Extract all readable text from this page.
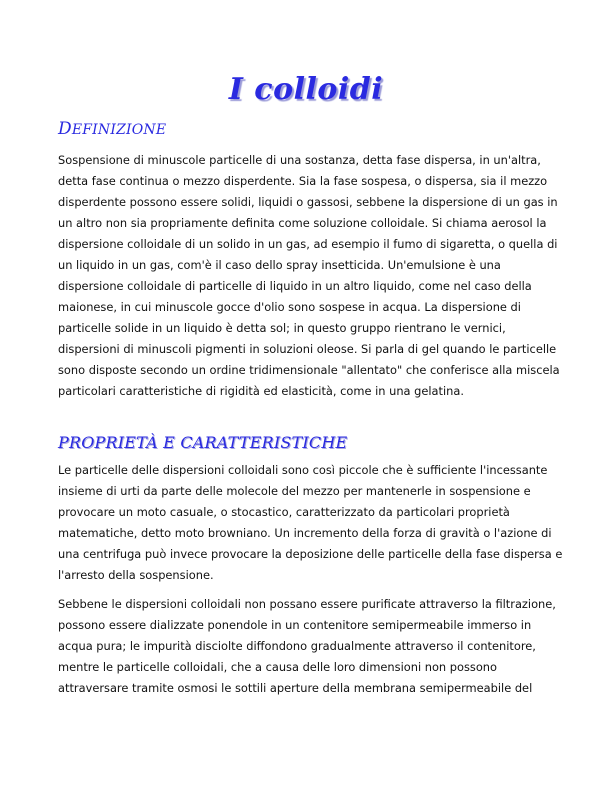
I colloidi
DEFINIZIONE

Sospensione di minuscole particelle di una sostanza, detta fase dispersa, in un'altra,
detta fase continua o mezzo disperdente. Sia la fase sospesa, o dispersa, sia il mezzo
disperdente possono essere solidi, liquidi o gassosi, sebbene la dispersione di un gas in
un altro non sia propriamente definita come soluzione colloidale. Si chiama aerosol la
dispersione colloidale di un solido in un gas, ad esempio il fumo di sigaretta, o quella di
un liquido in un gas, com'è il caso dello spray insetticida. Un'emulsione è una
dispersione colloidale di particelle di liquido in un altro liquido, come nel caso della
maionese, in cui minuscole gocce d'olio sono sospese in acqua. La dispersione di
particelle solide in un liquido è detta sol; in questo gruppo rientrano le vernici,
dispersioni di minuscoli pigmenti in soluzioni oleose. Si parla di gel quando le particelle
sono disposte secondo un ordine tridimensionale "allentato" che conferisce alla miscela
particolari caratteristiche di rigidità ed elasticità, come in una gelatina.

PROPRIETÀ E CARATTERISTICHE

Le particelle delle dispersioni colloidali sono così piccole che è sufficiente l'incessante
insieme di urti da parte delle molecole del mezzo per mantenerle in sospensione e
provocare un moto casuale, o stocastico, caratterizzato da particolari proprietà
matematiche, detto moto browniano. Un incremento della forza di gravità o l'azione di
una centrifuga può invece provocare la deposizione delle particelle della fase dispersa e
l'arresto della sospensione.

Sebbene le dispersioni colloidali non possano essere purificate attraverso la filtrazione,
possono essere dializzate ponendole in un contenitore semipermeabile immerso in
acqua pura; le impurità disciolte diffondono gradualmente attraverso il contenitore,
mentre le particelle colloidali, che a causa delle loro dimensioni non possono
attraversare tramite osmosi le sottili aperture della membrana semipermeabile del
